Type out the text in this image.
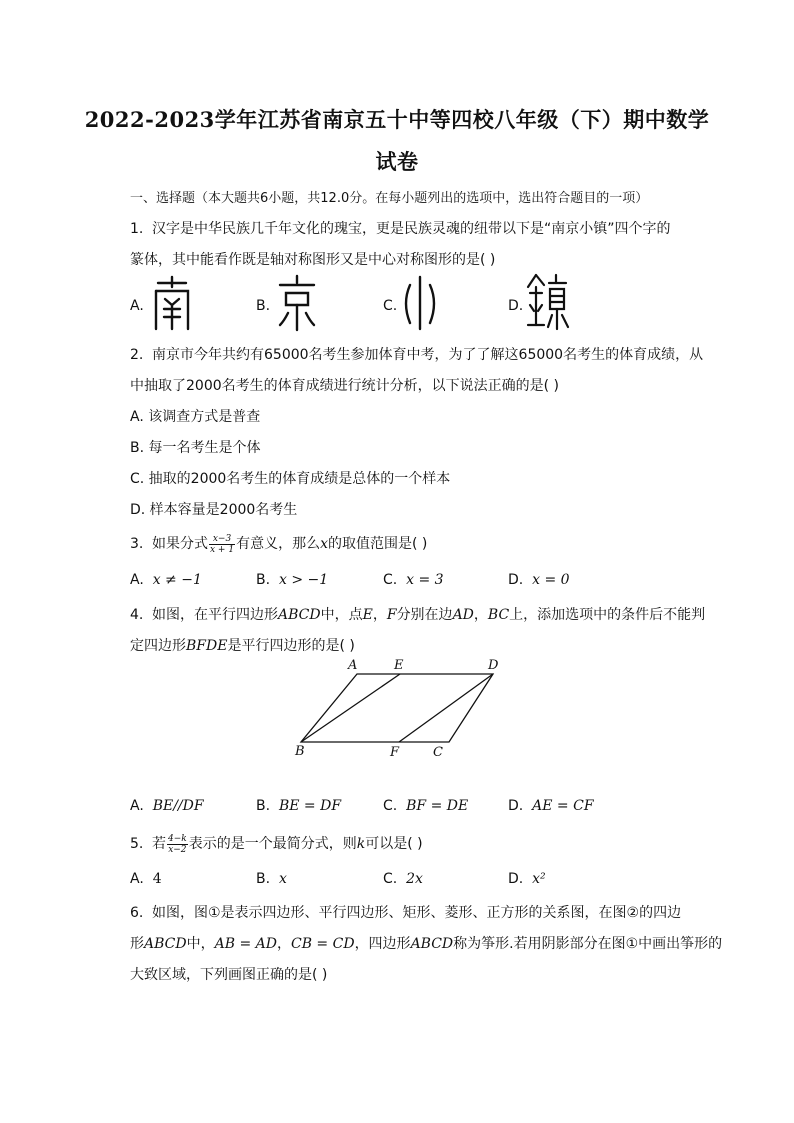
2022-2023学年江苏省南京五十中等四校八年级（下）期中数学
试卷
一、选择题（本大题共6小题，共12.0分。在每小题列出的选项中，选出符合题目的一项）
1. 汉字是中华民族几千年文化的瑰宝，更是民族灵魂的纽带以下是“南京小镇”四个字的
篆体，其中能看作既是轴对称图形又是中心对称图形的是( )
A.	B.	C.	D.
2. 南京市今年共约有65000名考生参加体育中考，为了了解这65000名考生的体育成绩，从
中抽取了2000名考生的体育成绩进行统计分析，以下说法正确的是( )
A. 该调查方式是普查
B. 每一名考生是个体
C. 抽取的2000名考生的体育成绩是总体的一个样本
D. 样本容量是2000名考生
3. 如果分式 $\frac{x-3}{x + 1}$ 有意义，那么x的取值范围是( )
A. x ≠ −1	B. x > −1	C. x = 3	D. x = 0
4. 如图，在平行四边形ABCD中，点E，F分别在边AD，BC上，添加选项中的条件后不能判
定四边形BFDE是平行四边形的是( )
A	E	D
B	F	C
A. BE//DF	B. BE = DF	C. BF = DE	D. AE = CF
5. 若 $\frac{4-k}{x-2}$ 表示的是一个最简分式，则k可以是( )
A. 4	B. x	C. 2x	D. x²
6. 如图，图①是表示四边形、平行四边形、矩形、菱形、正方形的关系图，在图②的四边
形ABCD中，AB = AD，CB = CD，四边形ABCD称为筝形.若用阴影部分在图①中画出筝形的
大致区域，下列画图正确的是( )
